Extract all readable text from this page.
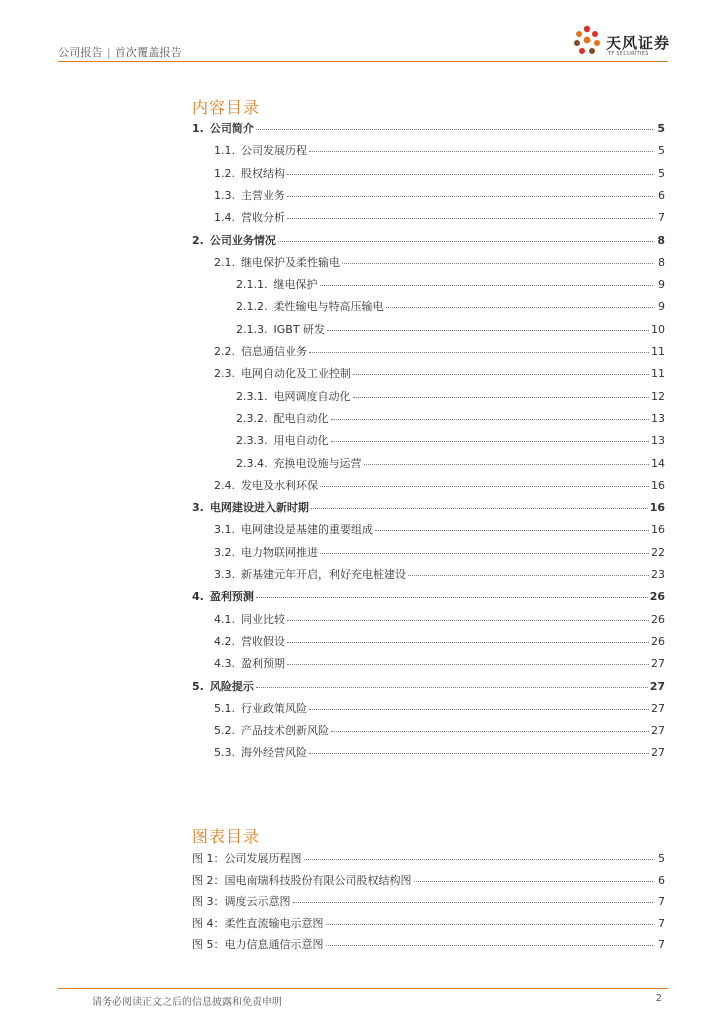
公司报告 | 首次覆盖报告
天风证券
TF SECURITIES
内容目录
1. 公司简介	5
1.1. 公司发展历程	5
1.2. 股权结构	5
1.3. 主营业务	6
1.4. 营收分析	7
2. 公司业务情况	8
2.1. 继电保护及柔性输电	8
2.1.1. 继电保护	9
2.1.2. 柔性输电与特高压输电	9
2.1.3. IGBT 研发	10
2.2. 信息通信业务	11
2.3. 电网自动化及工业控制	11
2.3.1. 电网调度自动化	12
2.3.2. 配电自动化	13
2.3.3. 用电自动化	13
2.3.4. 充换电设施与运营	14
2.4. 发电及水利环保	16
3. 电网建设进入新时期	16
3.1. 电网建设是基建的重要组成	16
3.2. 电力物联网推进	22
3.3. 新基建元年开启，利好充电桩建设	23
4. 盈利预测	26
4.1. 同业比较	26
4.2. 营收假设	26
4.3. 盈利预期	27
5. 风险提示	27
5.1. 行业政策风险	27
5.2. 产品技术创新风险	27
5.3. 海外经营风险	27
图表目录
图 1：公司发展历程图	5
图 2：国电南瑞科技股份有限公司股权结构图	6
图 3：调度云示意图	7
图 4：柔性直流输电示意图	7
图 5：电力信息通信示意图	7
请务必阅读正文之后的信息披露和免责申明	2
